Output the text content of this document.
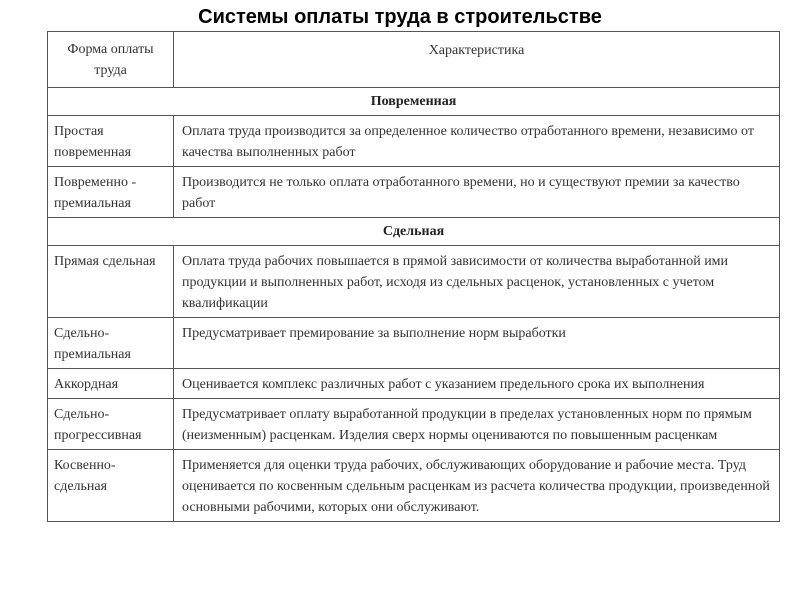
Системы оплаты труда в строительстве
Форма оплаты труда	Характеристика
Повременная	
Простая повременная	Оплата труда производится за определенное количество отработанного времени, независимо от качества выполненных работ
Повременно - премиальная	Производится не только оплата отработанного времени, но и существуют премии за качество работ
Сдельная	
Прямая сдельная	Оплата труда рабочих повышается в прямой зависимости от количества выработанной ими продукции и выполненных работ, исходя из сдельных расценок, установленных с учетом квалификации
Сдельно-премиальная	Предусматривает премирование за выполнение норм выработки
Аккордная	Оценивается комплекс различных работ с указанием предельного срока их выполнения
Сдельно-прогрессивная	Предусматривает оплату выработанной продукции в пределах установленных норм по прямым (неизменным) расценкам. Изделия сверх нормы оцениваются по повышенным расценкам
Косвенно-сдельная	Применяется для оценки труда рабочих, обслуживающих оборудование и рабочие места. Труд оценивается по косвенным сдельным расценкам из расчета количества продукции, произведенной основными рабочими, которых они обслуживают.
